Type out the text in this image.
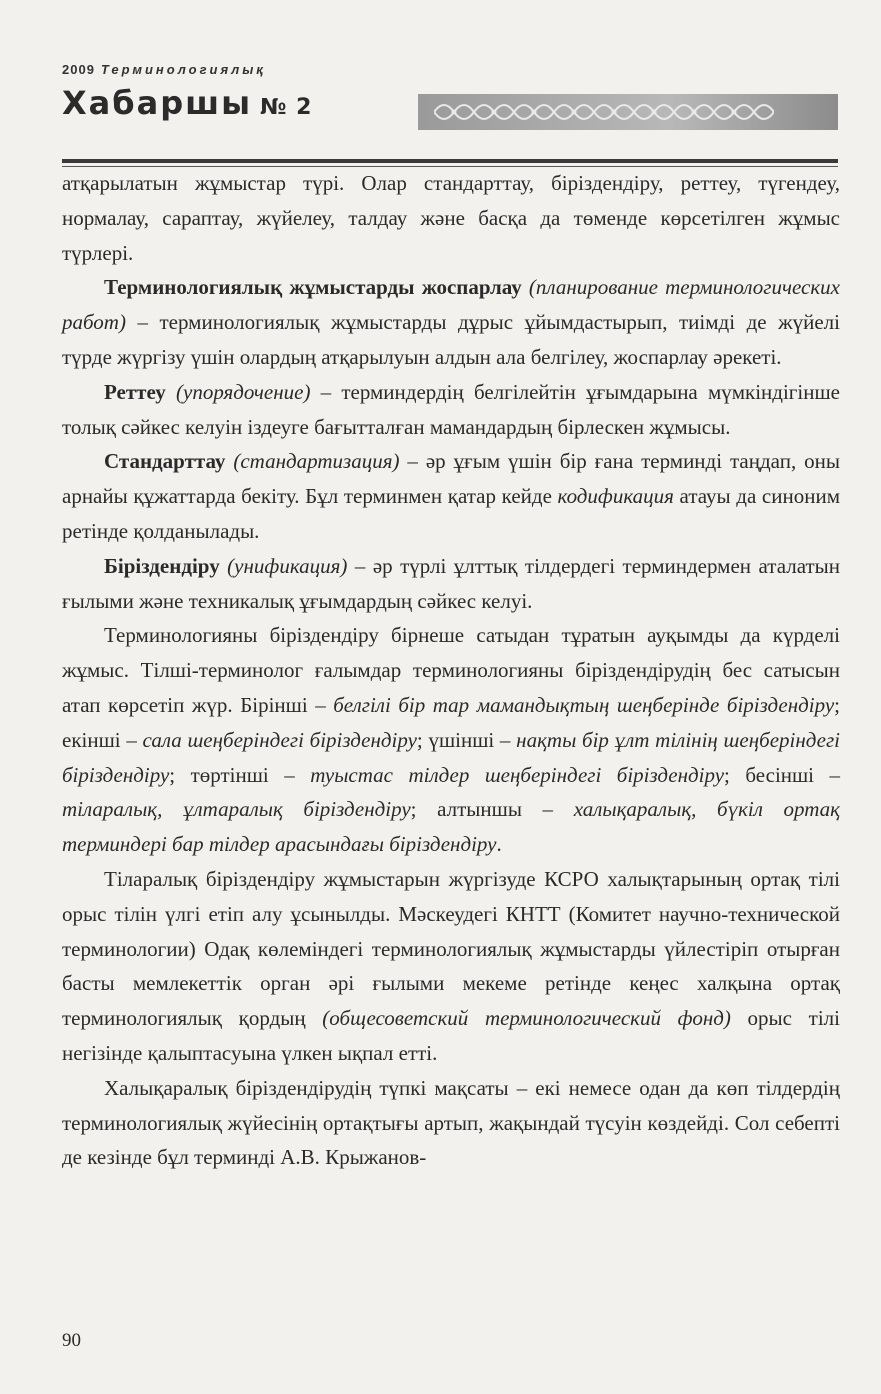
2009 Терминологиялық
Хабаршы № 2

атқарылатын жұмыстар түрі. Олар стандарттау, біріздендіру, реттеу, түгендеу, нормалау, сараптау, жүйелеу, талдау және басқа да төменде көрсетілген жұмыс түрлері.

Терминологиялық жұмыстарды жоспарлау (планирование терминологических работ) – терминологиялық жұмыстарды дұрыс ұйымдастырып, тиімді де жүйелі түрде жүргізу үшін олардың атқарылуын алдын ала белгілеу, жоспарлау әрекеті.

Реттеу (упорядочение) – терминдердің белгілейтін ұғымдарына мүмкіндігінше толық сәйкес келуін іздеуге бағытталған мамандардың бірлескен жұмысы.

Стандарттау (стандартизация) – әр ұғым үшін бір ғана терминді таңдап, оны арнайы құжаттарда бекіту. Бұл терминмен қатар кейде кодификация атауы да синоним ретінде қолданылады.

Біріздендіру (унификация) – әр түрлі ұлттық тілдердегі терминдермен аталатын ғылыми және техникалық ұғымдардың сәйкес келуі.

Терминологияны біріздендіру бірнеше сатыдан тұратын ауқымды да күрделі жұмыс. Тілші-терминолог ғалымдар терминологияны біріздендірудің бес сатысын атап көрсетіп жүр. Бірінші – белгілі бір тар мамандықтың шеңберінде біріздендіру; екінші – сала шеңберіндегі біріздендіру; үшінші – нақты бір ұлт тілінің шеңберіндегі біріздендіру; төртінші – туыстас тілдер шеңберіндегі біріздендіру; бесінші – тіларалық, ұлтаралық біріздендіру; алтыншы – халықаралық, бүкіл ортақ терминдері бар тілдер арасындағы біріздендіру.

Тіларалық біріздендіру жұмыстарын жүргізуде КСРО халықтарының ортақ тілі орыс тілін үлгі етіп алу ұсынылды. Мәскеудегі КНТТ (Комитет научно-технической терминологии) Одақ көлеміндегі терминологиялық жұмыстарды үйлестіріп отырған басты мемлекеттік орган әрі ғылыми мекеме ретінде кеңес халқына ортақ терминологиялық қордың (общесоветский терминологический фонд) орыс тілі негізінде қалыптасуына үлкен ықпал етті.

Халықаралық біріздендірудің түпкі мақсаты – екі немесе одан да көп тілдердің терминологиялық жүйесінің ортақтығы артып, жақындай түсуін көздейді. Сол себепті де кезінде бұл терминді А.В. Крыжанов-

90
